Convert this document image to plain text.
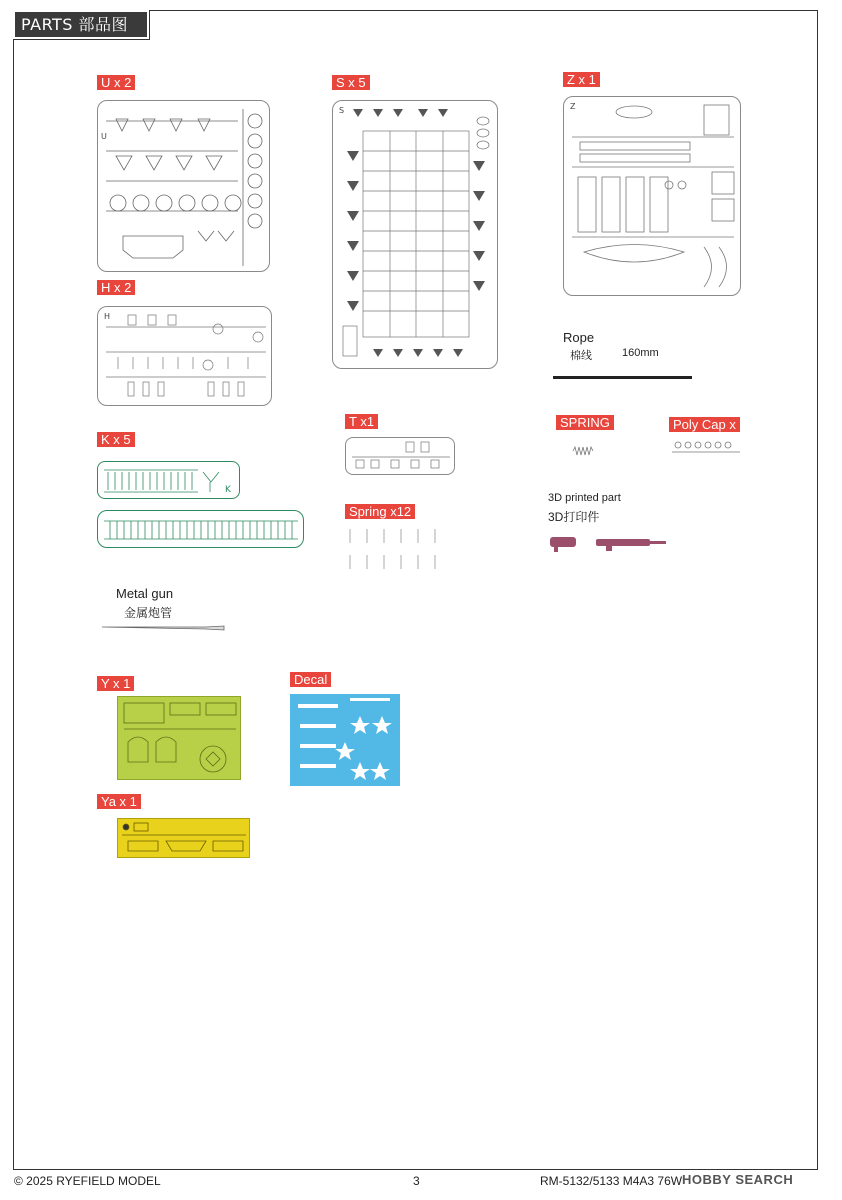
PARTS 部品图
U x 2
U
S x 5
S
Z x 1
Z
Rope
棉线	160mm
H x 2
H
T x1	SPRING	Poly Cap x
K x 5
K
Spring x12
3D printed part
3D打印件
Metal gun
金属炮管
Y x 1	Decal
Ya x 1
© 2025 RYEFIELD MODEL	3	RM-5132/5133 M4A3 76W HOBBY SEARCH
